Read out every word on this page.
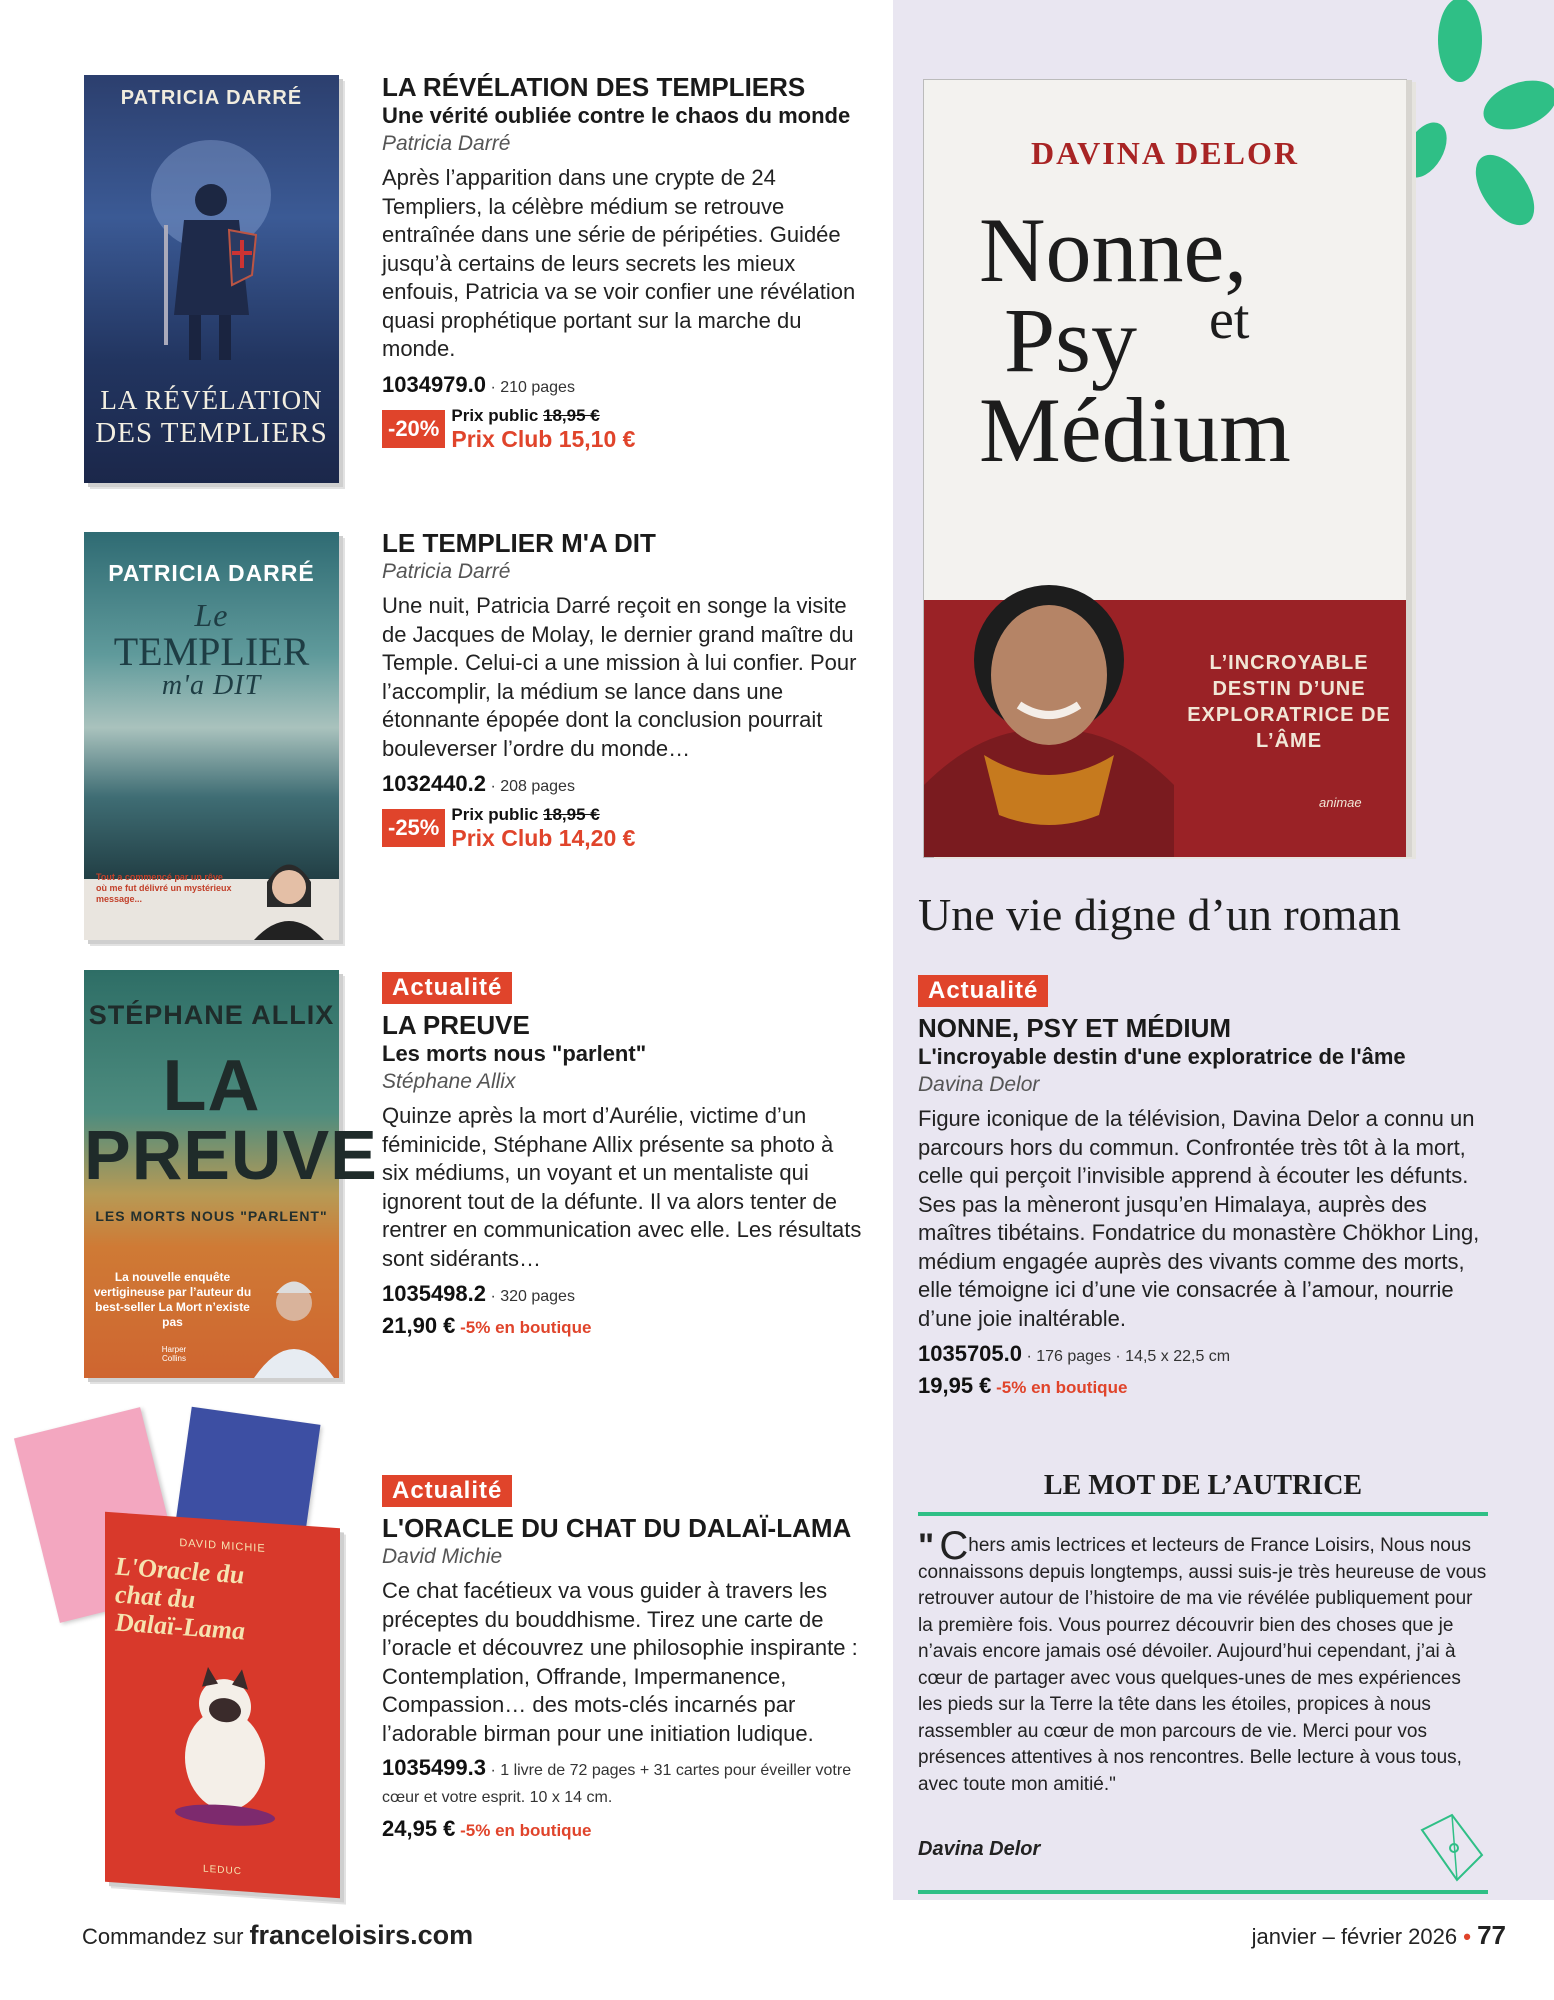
PATRICIA DARRÉ
LA RÉVÉLATION
DES TEMPLIERS
LA RÉVÉLATION DES TEMPLIERS
Une vérité oubliée contre le chaos du monde
Patricia Darré
Après l’apparition dans une crypte de 24 Templiers, la célèbre médium se retrouve entraînée dans une série de péripéties. Guidée jusqu’à certains de leurs secrets les mieux enfouis, Patricia va se voir confier une révélation quasi prophétique portant sur la marche du monde.
1034979.0 · 210 pages
-20%
Prix public 18,95 €
Prix Club 15,10 €
PATRICIA DARRÉ
Le
TEMPLIER
m'a DIT
Tout a commencé par un rêve où me fut délivré un mystérieux message...
LE TEMPLIER M'A DIT
Patricia Darré
Une nuit, Patricia Darré reçoit en songe la visite de Jacques de Molay, le dernier grand maître du Temple. Celui-ci a une mission à lui confier. Pour l’accomplir, la médium se lance dans une étonnante épopée dont la conclusion pourrait bouleverser l’ordre du monde…
1032440.2 · 208 pages
-25%
Prix public 18,95 €
Prix Club 14,20 €
STÉPHANE ALLIX
LA
PREUVE
LES MORTS NOUS "PARLENT"
La nouvelle enquête vertigineuse par l’auteur du best-seller La Mort n’existe pas
Harper Collins
Actualité
LA PREUVE
Les morts nous "parlent"
Stéphane Allix
Quinze après la mort d’Aurélie, victime d’un féminicide, Stéphane Allix présente sa photo à six médiums, un voyant et un mentaliste qui ignorent tout de la défunte. Il va alors tenter de rentrer en communication avec elle. Les résultats sont sidérants…
1035498.2 · 320 pages
21,90 € -5% en boutique
DAVID MICHIE
L'Oracle du chat du Dalaï-Lama
LEDUC
Actualité
L'ORACLE DU CHAT DU DALAÏ-LAMA
David Michie
Ce chat facétieux va vous guider à travers les préceptes du bouddhisme. Tirez une carte de l’oracle et découvrez une philosophie inspirante : Contemplation, Offrande, Impermanence, Compassion… des mots-clés incarnés par l’adorable birman pour une initiation ludique.
1035499.3 · 1 livre de 72 pages + 31 cartes pour éveiller votre cœur et votre esprit. 10 x 14 cm.
24,95 € -5% en boutique
DAVINA DELOR
Nonne,
Psy et
Médium
L’INCROYABLE DESTIN D’UNE EXPLORATRICE DE L’ÂME
animae
Une vie digne d’un roman
Actualité
NONNE, PSY ET MÉDIUM
L'incroyable destin d'une exploratrice de l'âme
Davina Delor
Figure iconique de la télévision, Davina Delor a connu un parcours hors du commun. Confrontée très tôt à la mort, celle qui perçoit l’invisible apprend à écouter les défunts. Ses pas la mèneront jusqu’en Himalaya, auprès des maîtres tibétains. Fondatrice du monastère Chökhor Ling, médium engagée auprès des vivants comme des morts, elle témoigne ici d’une vie consacrée à l’amour, nourrie d’une joie inaltérable.
1035705.0 · 176 pages · 14,5 x 22,5 cm
19,95 € -5% en boutique
LE MOT DE L’AUTRICE
" Chers amis lectrices et lecteurs de France Loisirs, Nous nous connaissons depuis longtemps, aussi suis-je très heureuse de vous retrouver autour de l’histoire de ma vie révélée publiquement pour la première fois. Vous pourrez découvrir bien des choses que je n’avais encore jamais osé dévoiler. Aujourd’hui cependant, j’ai à cœur de partager avec vous quelques-unes de mes expériences les pieds sur la Terre la tête dans les étoiles, propices à nous rassembler au cœur de mon parcours de vie. Merci pour vos présences attentives à nos rencontres. Belle lecture à vous tous, avec toute mon amitié."
Davina Delor
Commandez sur franceloisirs.com	janvier – février 2026 • 77
